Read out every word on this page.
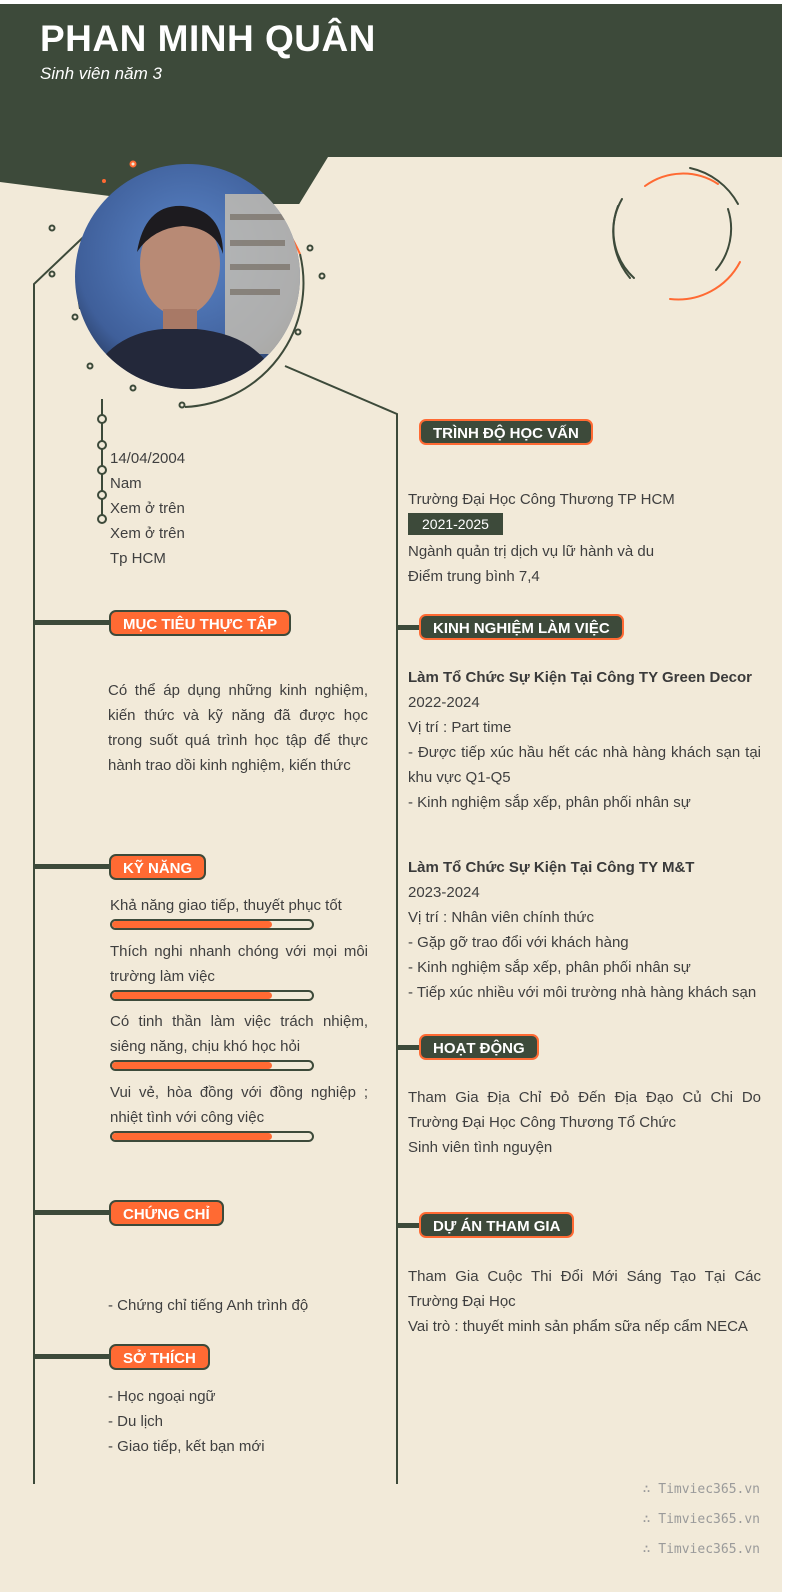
PHAN MINH QUÂN
Sinh viên năm 3
14/04/2004
Nam
Xem ở trên
Xem ở trên
Tp HCM
MỤC TIÊU THỰC TẬP
Có thể áp dụng những kinh nghiệm, kiến thức và kỹ năng đã được học trong suốt quá trình học tập để thực hành trao dồi kinh nghiệm, kiến thức
KỸ NĂNG
Khả năng giao tiếp, thuyết phục tốt
Thích nghi nhanh chóng với mọi môi trường làm việc
Có tinh thần làm việc trách nhiệm, siêng năng, chịu khó học hỏi
Vui vẻ, hòa đồng với đồng nghiệp ; nhiệt tình với công việc
CHỨNG CHỈ
- Chứng chỉ tiếng Anh trình độ
SỞ THÍCH
- Học ngoại ngữ
- Du lịch
- Giao tiếp, kết bạn mới
TRÌNH ĐỘ HỌC VẤN
Trường Đại Học Công Thương TP HCM
2021-2025
Ngành quản trị dịch vụ lữ hành và du
Điểm trung bình 7,4
KINH NGHIỆM LÀM VIỆC
Làm Tổ Chức Sự Kiện Tại Công TY Green Decor
2022-2024
Vị trí : Part time
- Được tiếp xúc hầu hết các nhà hàng khách sạn tại khu vực Q1-Q5
- Kinh nghiệm sắp xếp, phân phối nhân sự
Làm Tổ Chức Sự Kiện Tại Công TY M&T
2023-2024
Vị trí : Nhân viên chính thức
- Gặp gỡ trao đổi với khách hàng
- Kinh nghiệm sắp xếp, phân phối nhân sự
- Tiếp xúc nhiều với môi trường nhà hàng khách sạn
HOẠT ĐỘNG
Tham Gia Địa Chỉ Đỏ Đến Địa Đạo Củ Chi Do Trường Đại Học Công Thương Tổ Chức
Sinh viên tình nguyện
DỰ ÁN THAM GIA
Tham Gia Cuộc Thi Đổi Mới Sáng Tạo Tại Các Trường Đại Học
Vai trò : thuyết minh sản phẩm sữa nếp cẩm NECA
∴ Timviec365.vn
∴ Timviec365.vn
∴ Timviec365.vn
